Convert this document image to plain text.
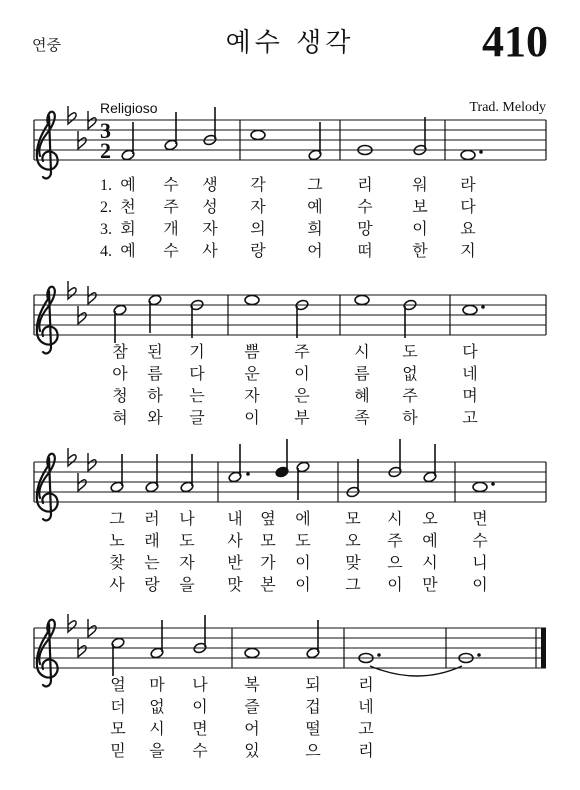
연중	예수 생각	410
Religioso	Trad. Melody
3
2
1.
2.
3.
4.
예 수 생 각	그 리 워 라
천 주 성 자	예 수 보 다
회 개 자 의	희 망 이 요
예 수 사 랑	어 떠 한 지
참 된 기 쁨 주	시 도	다
아 름 다 운 이	름 없	네
청 하 는 자 은	혜 주	며
혀 와 글 이 부	족 하	고
그 러 나 내 옆 에 모 시 오 면
노 래 도 사 모 도 오 주 예 수
찾 는 자 반 가 이 맞 으 시 니
사 랑 을 맛 본 이 그 이 만 이
얼 마 나 복	되 리
더 없 이 즐	겁 네
모 시 면 어	떨 고
믿 을 수 있	으 리
